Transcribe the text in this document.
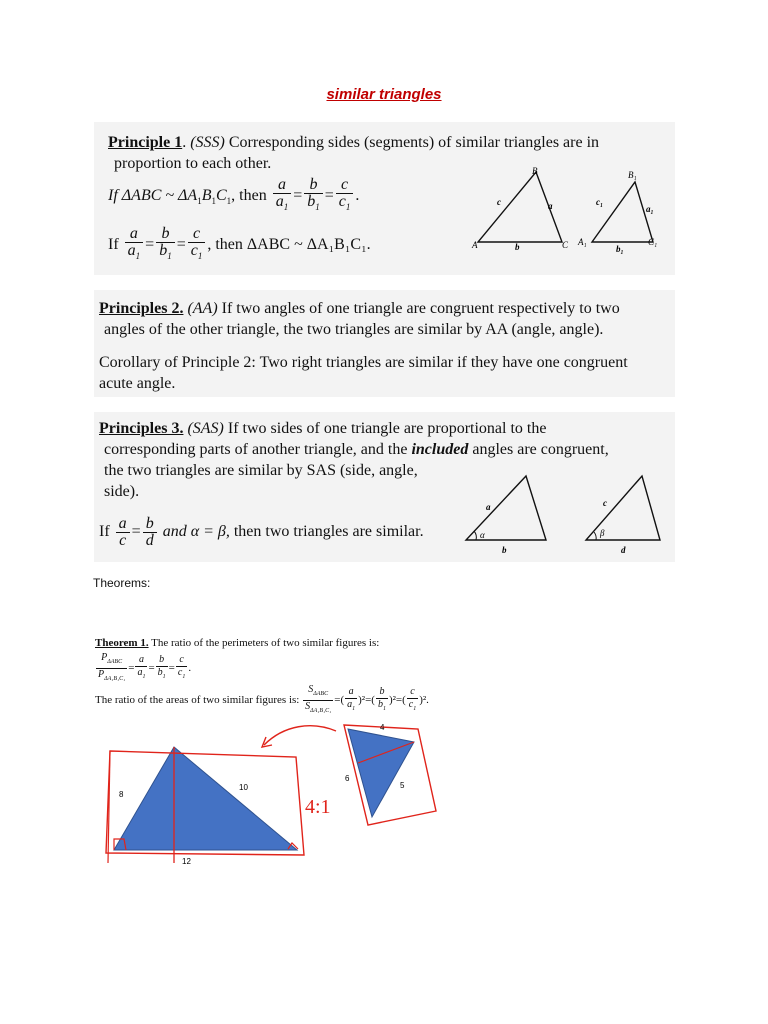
similar triangles
Principle 1. (SSS) Corresponding sides (segments) of similar triangles are in
proportion to each other.
If ΔABC ~ $\Delta A_1B_1C_1$, then $\frac{a}{a_1} = \frac{b}{b_1} = \frac{c}{c_1}$ .
If $\frac{a}{a_1} = \frac{b}{b_1} = \frac{c}{c_1}$ , then ΔABC ~ ΔA₁B₁C₁.	A
B
C
a
b
c
A₁
B₁
C₁
a₁
b₁
c₁
Principles 2. (AA) If two angles of one triangle are congruent respectively to two
angles of the other triangle, the two triangles are similar by AA (angle, angle).
Corollary of Principle 2: Two right triangles are similar if they have one congruent
acute angle.
Principles 3. (SAS) If two sides of one triangle are proportional to the
corresponding parts of another triangle, and the included angles are congruent,
the two triangles are similar by SAS (side, angle,
side).
If $\frac{a}{c} = \frac{b}{d}$ and α = β, then two triangles are similar.
a
b
α
c
d
β
Theorems:
Theorem 1. The ratio of the perimeters of two similar figures is:
$\frac{P_{\Delta ABC}}{P_{\Delta A_1B_1C_1}} = \frac{a}{a_1} = \frac{b}{b_1} = \frac{c}{c_1}$ .
The ratio of the areas of two similar figures is: $\frac{S_{\Delta ABC}}{S_{\Delta A_1B_1C_1}}$ =( $\frac{a}{a_1} )^2=( \frac{b}{b_1} )^2=( \frac{c}{c_1} )^2$.
8
10
12
4:1
4
6
5
